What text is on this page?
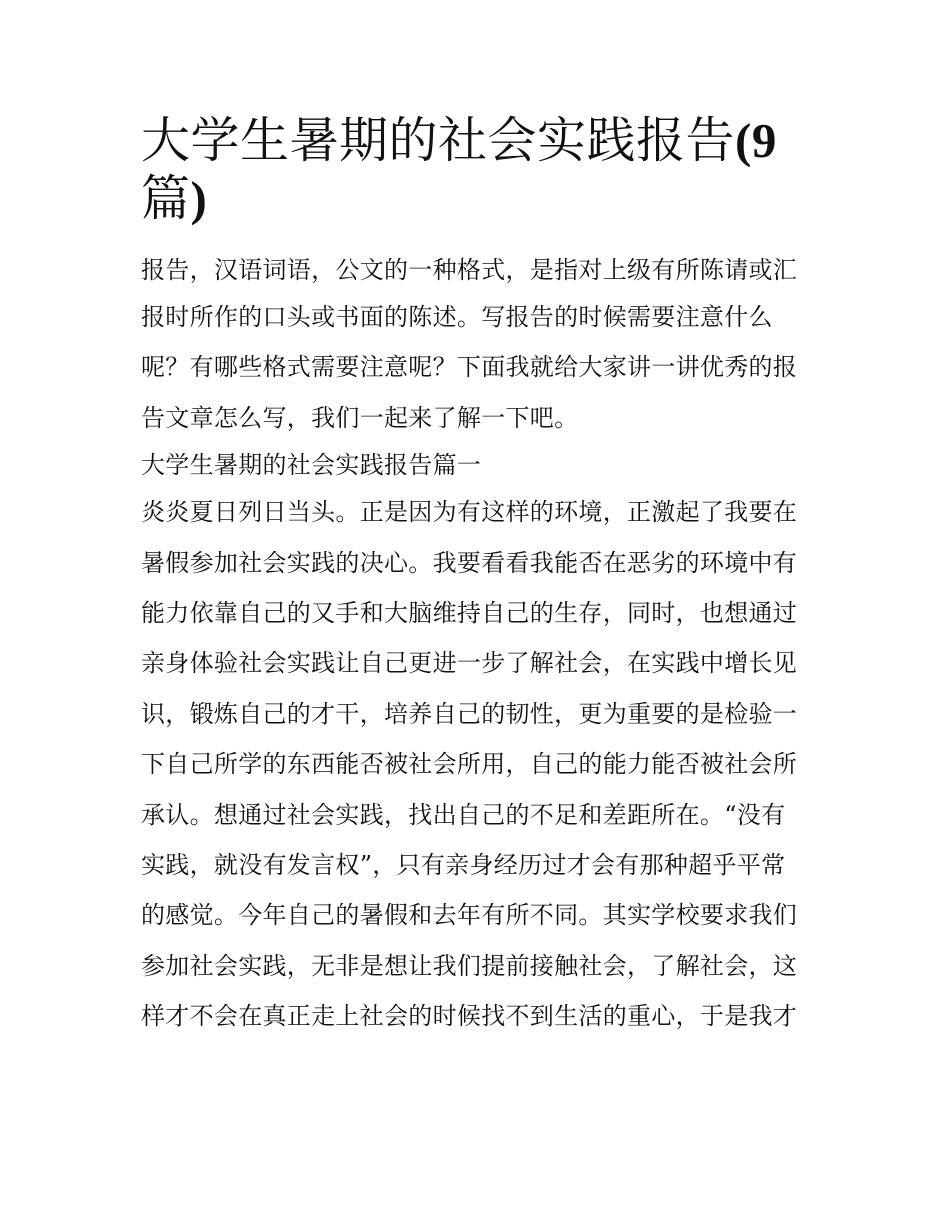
大学生暑期的社会实践报告(9
篇)
报告，汉语词语，公文的一种格式，是指对上级有所陈请或汇
报时所作的口头或书面的陈述。写报告的时候需要注意什么
呢？有哪些格式需要注意呢？下面我就给大家讲一讲优秀的报
告文章怎么写，我们一起来了解一下吧。
大学生暑期的社会实践报告篇一
炎炎夏日列日当头。正是因为有这样的环境，正激起了我要在
暑假参加社会实践的决心。我要看看我能否在恶劣的环境中有
能力依靠自己的又手和大脑维持自己的生存，同时，也想通过
亲身体验社会实践让自己更进一步了解社会，在实践中增长见
识，锻炼自己的才干，培养自己的韧性，更为重要的是检验一
下自己所学的东西能否被社会所用，自己的能力能否被社会所
承认。想通过社会实践，找出自己的不足和差距所在。“没有
实践，就没有发言权”，只有亲身经历过才会有那种超乎平常
的感觉。今年自己的暑假和去年有所不同。其实学校要求我们
参加社会实践，无非是想让我们提前接触社会，了解社会，这
样才不会在真正走上社会的时候找不到生活的重心，于是我才
